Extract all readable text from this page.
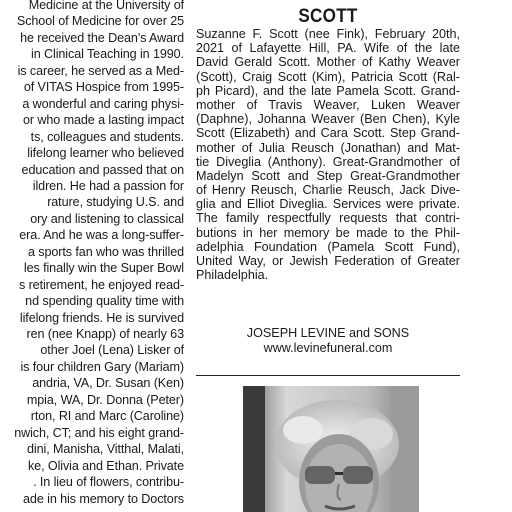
Medicine at the University of
School of Medicine for over 25
he received the Dean's Award
in Clinical Teaching in 1990.
is career, he served as a Med-
of VITAS Hospice from 1995-
a wonderful and caring physi-
or who made a lasting impact
ts, colleagues and students.
lifelong learner who believed
education and passed that on
ildren. He had a passion for
rature, studying U.S. and
ory and listening to classical
era. And he was a long-suffer-
a sports fan who was thrilled
les finally win the Super Bowl
s retirement, he enjoyed read-
nd spending quality time with
lifelong friends. He is survived
ren (nee Knapp) of nearly 63
other Joel (Lena) Lisker of
is four children Gary (Mariam)
andria, VA, Dr. Susan (Ken)
mpia, WA, Dr. Donna (Peter)
rton, RI and Marc (Caroline)
nwich, CT; and his eight grand-
dini, Manisha, Vitthal, Malati,
ke, Olivia and Ethan. Private
. In lieu of flowers, contribu-
ade in his memory to Doctors
SCOTT
Suzanne F. Scott (nee Fink), February 20th,
2021 of Lafayette Hill, PA. Wife of the late
David Gerald Scott. Mother of Kathy Weaver
(Scott), Craig Scott (Kim), Patricia Scott (Ral-
ph Picard), and the late Pamela Scott. Grand-
mother of Travis Weaver, Luken Weaver
(Daphne), Johanna Weaver (Ben Chen), Kyle
Scott (Elizabeth) and Cara Scott. Step Grand-
mother of Julia Reusch (Jonathan) and Mat-
tie Diveglia (Anthony). Great-Grandmother of
Madelyn Scott and Step Great-Grandmother
of Henry Reusch, Charlie Reusch, Jack Dive-
glia and Elliot Diveglia. Services were private.
The family respectfully requests that contri-
butions in her memory be made to the Phil-
adelphia Foundation (Pamela Scott Fund),
United Way, or Jewish Federation of Greater
Philadelphia.
JOSEPH LEVINE and SONS
www.levinefuneral.com
